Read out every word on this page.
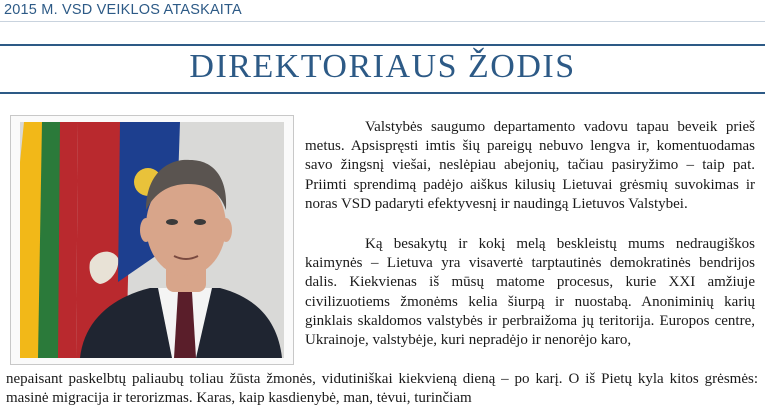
2015 M. VSD VEIKLOS ATASKAITA
DIREKTORIAUS ŽODIS

Valstybės saugumo departamento vadovu tapau beveik prieš metus. Apsispręsti imtis šių pareigų nebuvo lengva ir, komentuodamas savo žingsnį viešai, neslėpiau abejonių, tačiau pasiryžimo – taip pat. Priimti sprendimą padėjo aiškus kilusių Lietuvai grėsmių suvokimas ir noras VSD padaryti efektyvesnį ir naudingą Lietuvos Valstybei.

Ką besakytų ir kokį melą beskleistų mums nedraugiškos kaimynės – Lietuva yra visavertė tarptautinės demokratinės bendrijos dalis. Kiekvienas iš mūsų matome procesus, kurie XXI amžiuje civilizuotiems žmonėms kelia šiurpą ir nuostabą. Anoniminių karių ginklais skaldomos valstybės ir perbraižoma jų teritorija. Europos centre, Ukrainoje, valstybėje, kuri nepradėjo ir nenorėjo karo,

nepaisant paskelbtų paliaubų toliau žūsta žmonės, vidutiniškai kiekvieną dieną – po karį. O iš Pietų kyla kitos grėsmės: masinė migracija ir terorizmas. Karas, kaip kasdienybė, man, tėvui, turinčiam
